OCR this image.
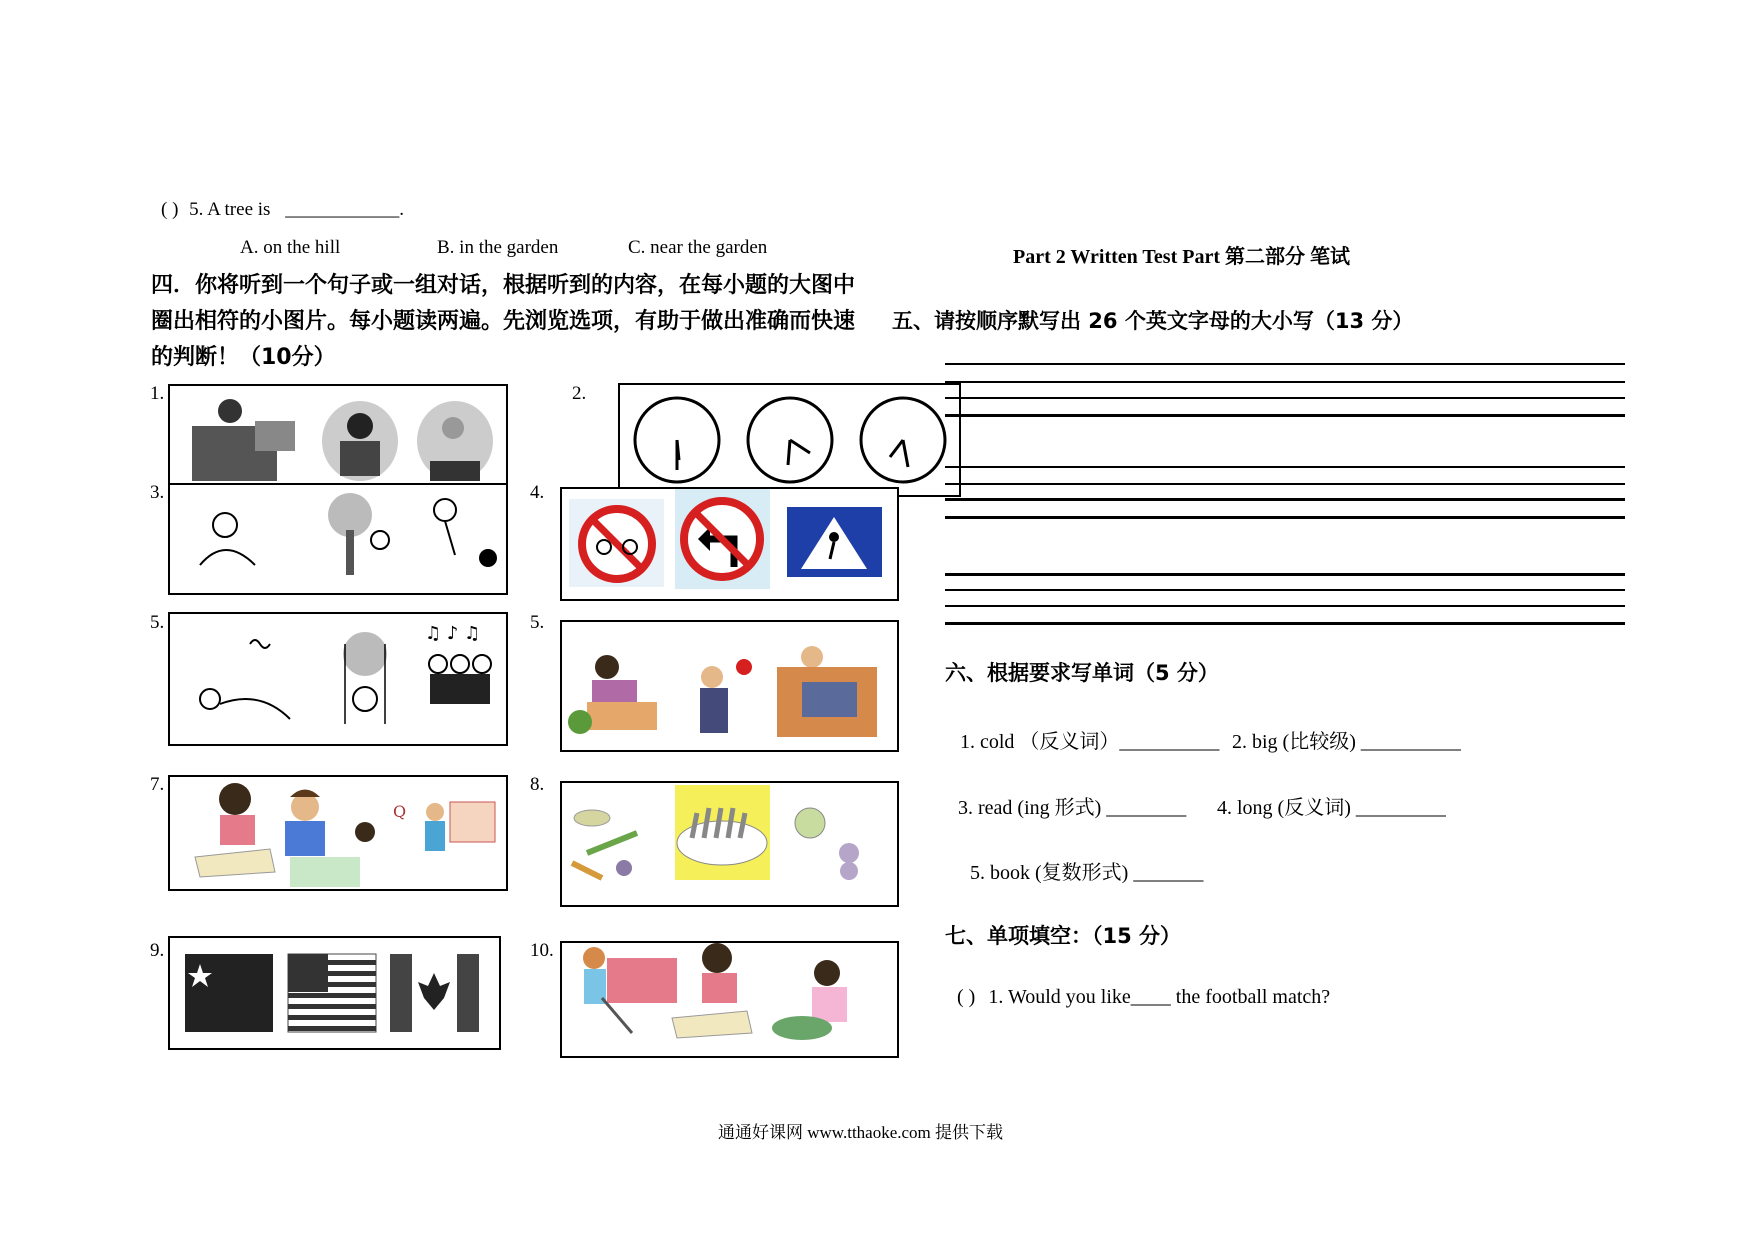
( ) 5. A tree is ____________.
A. on the hill	B. in the garden	C. near the garden
四．你将听到一个句子或一组对话，根据听到的内容，在每小题的大图中圈出相符的小图片。每小题读两遍。先浏览选项，有助于做出准确而快速的判断！（10分）
1.	2.
3.	4.
5.	5.
7.	8.
9.	10.
♫ ♪ ♫
Q
Part 2 Written Test Part 第二部分 笔试
五、请按顺序默写出 26 个英文字母的大小写（13 分）
六、根据要求写单词（5 分）
1. cold （反义词）__________ 2. big (比较级) __________
3. read (ing 形式) ________ 4. long (反义词) _________
5. book (复数形式) _______
七、单项填空：（15 分）
( ) 1. Would you like____ the football match?
通通好课网 www.tthaoke.com 提供下载
